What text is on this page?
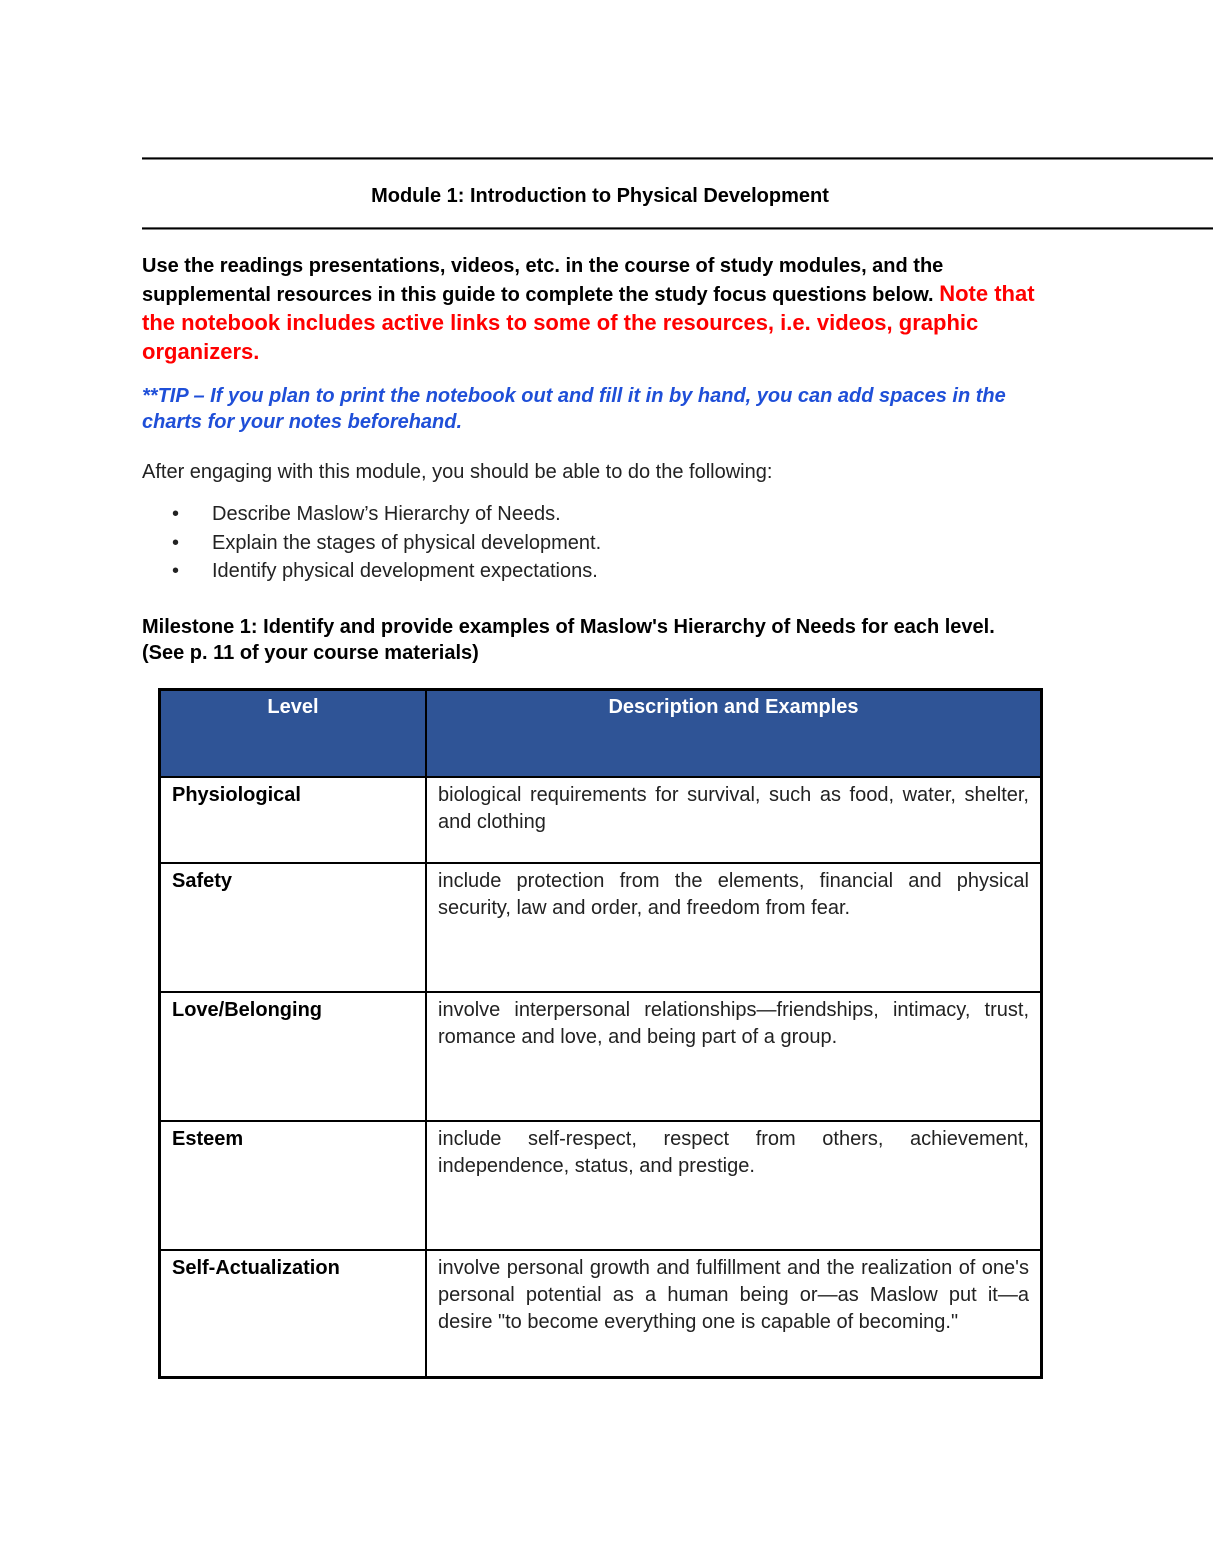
———————————————————————————————————————————————————
Module 1: Introduction to Physical Development
———————————————————————————————————————————————————
Use the readings presentations, videos, etc. in the course of study modules, and the supplemental resources in this guide to complete the study focus questions below. Note that the notebook includes active links to some of the resources, i.e. videos, graphic organizers.
**TIP – If you plan to print the notebook out and fill it in by hand, you can add spaces in the charts for your notes beforehand.
After engaging with this module, you should be able to do the following:
• Describe Maslow’s Hierarchy of Needs.
• Explain the stages of physical development.
• Identify physical development expectations.
Milestone 1: Identify and provide examples of Maslow's Hierarchy of Needs for each level. (See p. 11 of your course materials)
Level	Description and Examples
Physiological	biological requirements for survival, such as food, water, shelter, and clothing
Safety	include protection from the elements, financial and physical security, law and order, and freedom from fear.
Love/Belonging	involve interpersonal relationships—friendships, intimacy, trust, romance and love, and being part of a group.
Esteem	include self-respect, respect from others, achievement, independence, status, and prestige.
Self-Actualization	involve personal growth and fulfillment and the realization of one's personal potential as a human being or—as Maslow put it—a desire "to become everything one is capable of becoming."
